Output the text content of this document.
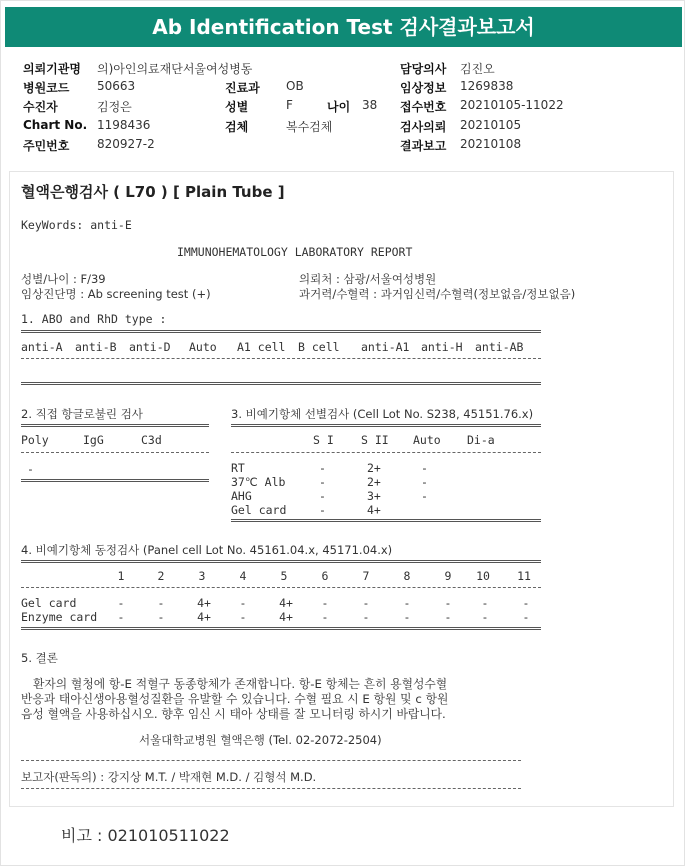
Ab Identification Test 검사결과보고서
의뢰기관명 의)아인의료재단서울여성병동
병원코드 50663
수진자	김정은
Chart No. 1198436
주민번호 820927-2
진료과 OB
성별	F	나이 38
검체	복수검체
담당의사 김진오
임상정보 1269838
접수번호 20210105-11022
검사의뢰 20210105
결과보고 20210108
혈액은행검사 ( L70 ) [ Plain Tube ]
KeyWords: anti-E
IMMUNOHEMATOLOGY LABORATORY REPORT
성별/나이 : F/39
임상진단명 : Ab screening test (+)
의뢰처 : 삼광/서울여성병원
과거력/수혈력 : 과거임신력/수혈력(정보없음/정보없음)
1. ABO and RhD type :
anti-A anti-B anti-D Auto A1 cell B cell anti-A1 anti-H anti-AB
2. 직접 항글로불린 검사
Poly	IgG	C3d
-
3. 비예기항체 선별검사 (Cell Lot No. S238, 45151.76.x)
S I S II Auto Di-a
RT	-	2+	-
37℃ Alb	-	2+	-
AHG	-	3+	-
Gel card	-	4+
4. 비예기항체 동정검사 (Panel cell Lot No. 45161.04.x, 45171.04.x)
1	2	3	4	5	6	7	8	9	10 11
Gel card	-	-	4+	-	4+	-	-	-	-	-	-
Enzyme card	-	-	4+	-	4+	-	-	-	-	-	-
5. 결론
환자의 혈청에 항-E 적혈구 동종항체가 존재합니다. 항-E 항체는 흔히 용혈성수혈
반응과 태아신생아용혈성질환을 유발할 수 있습니다. 수혈 필요 시 E 항원 및 c 항원
음성 혈액을 사용하십시오. 향후 임신 시 태아 상태를 잘 모니터링 하시기 바랍니다.
서울대학교병원 혈액은행 (Tel. 02-2072-2504)
보고자(판독의) : 강지상 M.T. / 박재현 M.D. / 김형석 M.D.
비고 : 021010511022
